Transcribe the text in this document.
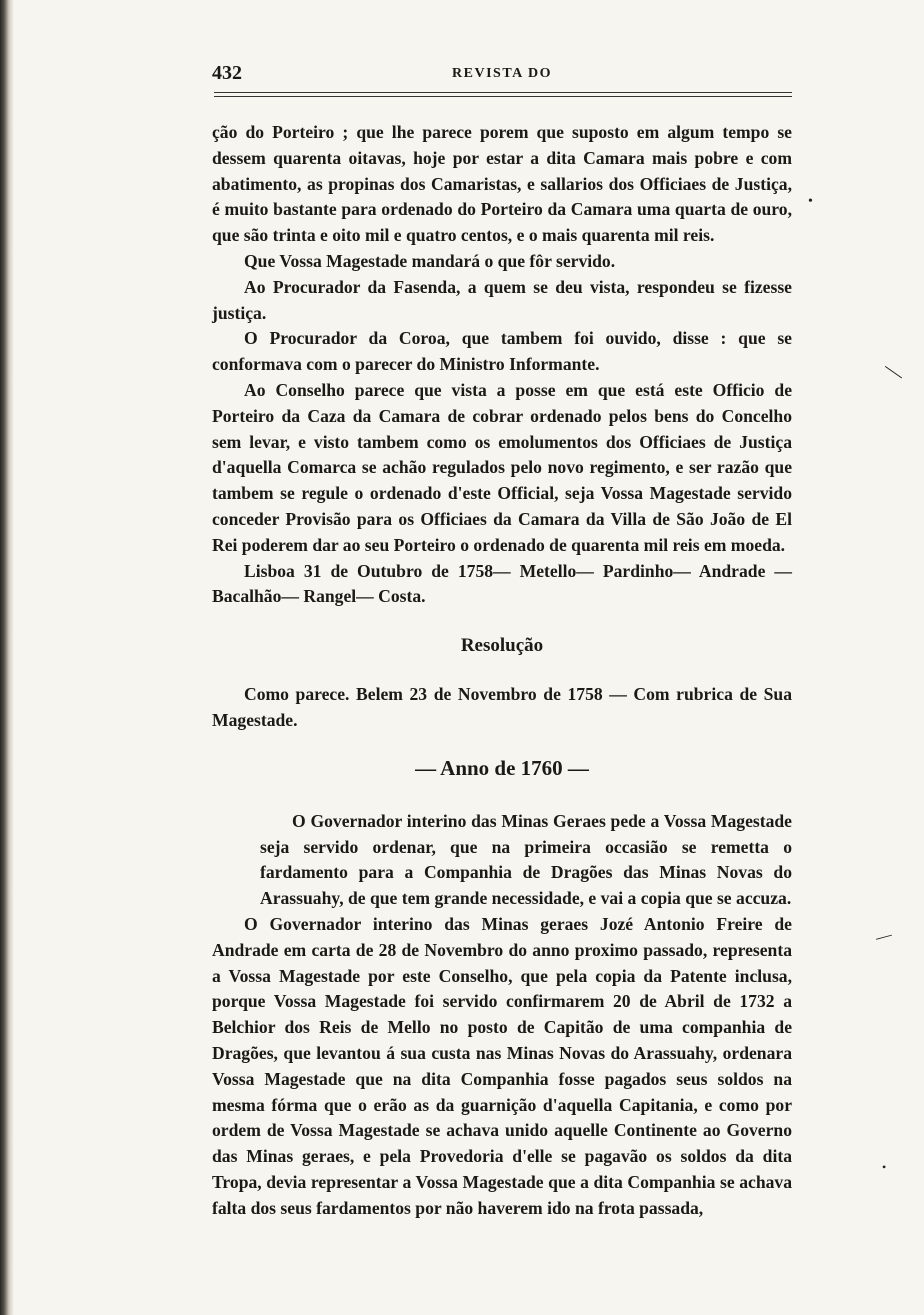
—
—
•
•
432	REVISTA DO

ção do Porteiro ; que lhe parece porem que suposto em algum tempo se dessem quarenta oitavas, hoje por estar a dita Camara mais pobre e com abatimento, as propinas dos Camaristas, e sallarios dos Officiaes de Justiça, é muito bastante para ordenado do Porteiro da Camara uma quarta de ouro, que são trinta e oito mil e quatro centos, e o mais quarenta mil reis.

Que Vossa Magestade mandará o que fôr servido.

Ao Procurador da Fasenda, a quem se deu vista, respondeu se fizesse justiça.

O Procurador da Coroa, que tambem foi ouvido, disse : que se conformava com o parecer do Ministro Informante.

Ao Conselho parece que vista a posse em que está este Officio de Porteiro da Caza da Camara de cobrar ordenado pelos bens do Concelho sem levar, e visto tambem como os emolumentos dos Officiaes de Justiça d'aquella Comarca se achão regulados pelo novo regimento, e ser razão que tambem se regule o ordenado d'este Official, seja Vossa Magestade servido conceder Provisão para os Officiaes da Camara da Villa de São João de El Rei poderem dar ao seu Porteiro o ordenado de quarenta mil reis em moeda.

Lisboa 31 de Outubro de 1758— Metello— Pardinho— Andrade — Bacalhão— Rangel— Costa.

Resolução

Como parece. Belem 23 de Novembro de 1758 — Com rubrica de Sua Magestade.

— Anno de 1760 —

O Governador interino das Minas Geraes pede a Vossa Magestade seja servido ordenar, que na primeira occasião se remetta o fardamento para a Companhia de Dragões das Minas Novas do Arassuahy, de que tem grande necessidade, e vai a copia que se accuza.

O Governador interino das Minas geraes Jozé Antonio Freire de Andrade em carta de 28 de Novembro do anno proximo passado, representa a Vossa Magestade por este Conselho, que pela copia da Patente inclusa, porque Vossa Magestade foi servido confirmarem 20 de Abril de 1732 a Belchior dos Reis de Mello no posto de Capitão de uma companhia de Dragões, que levantou á sua custa nas Minas Novas do Arassuahy, ordenara Vossa Magestade que na dita Companhia fosse pagados seus soldos na mesma fórma que o erão as da guarnição d'aquella Capitania, e como por ordem de Vossa Magestade se achava unido aquelle Continente ao Governo das Minas geraes, e pela Provedoria d'elle se pagavão os soldos da dita Tropa, devia representar a Vossa Magestade que a dita Companhia se achava falta dos seus fardamentos por não haverem ido na frota passada,
